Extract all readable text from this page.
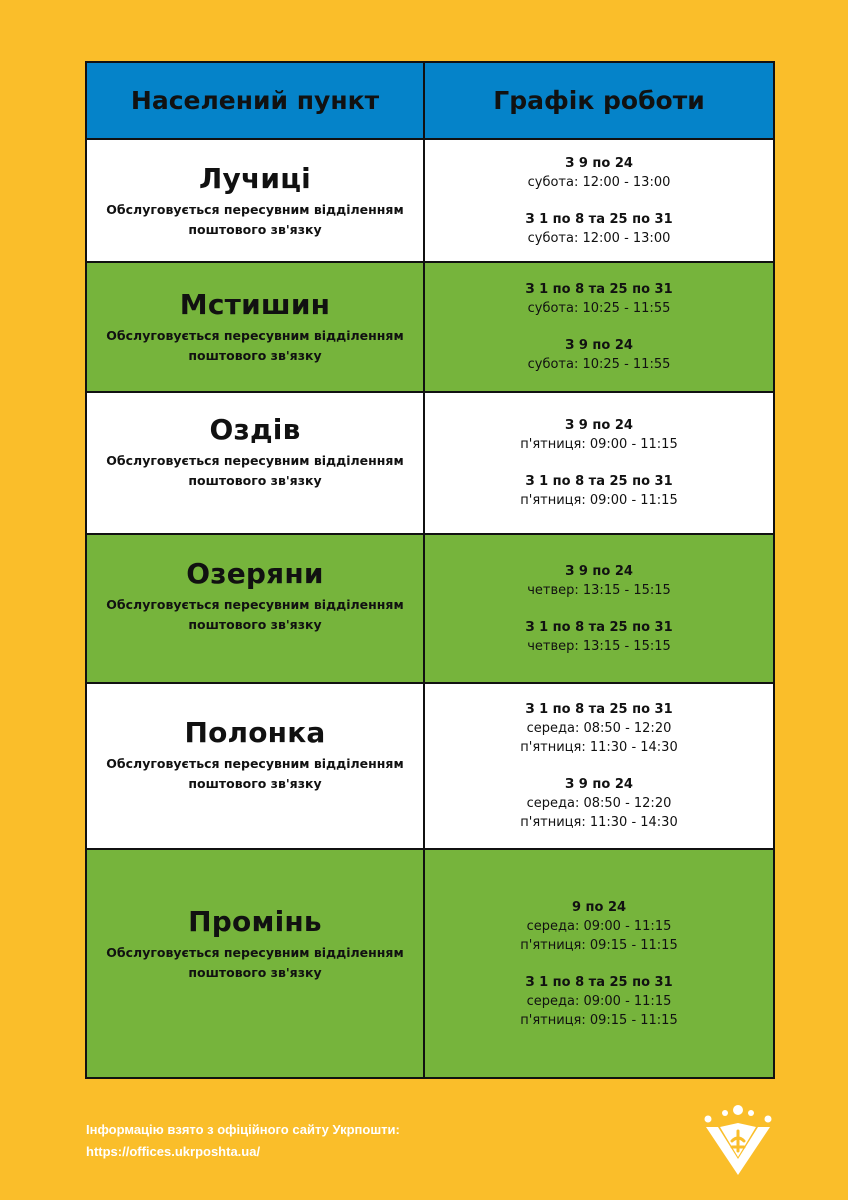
Населений пункт	Графік роботи
Лучиці
Обслуговується пересувним відділенням поштового зв'язку
З 9 по 24
субота: 12:00 - 13:00
З 1 по 8 та 25 по 31
субота: 12:00 - 13:00
Мстишин
Обслуговується пересувним відділенням поштового зв'язку
З 1 по 8 та 25 по 31
субота: 10:25 - 11:55
З 9 по 24
субота: 10:25 - 11:55
Оздів
Обслуговується пересувним відділенням поштового зв'язку
З 9 по 24
п'ятниця: 09:00 - 11:15
З 1 по 8 та 25 по 31
п'ятниця: 09:00 - 11:15
Озеряни
Обслуговується пересувним відділенням поштового зв'язку
З 9 по 24
четвер: 13:15 - 15:15
З 1 по 8 та 25 по 31
четвер: 13:15 - 15:15
Полонка
Обслуговується пересувним відділенням поштового зв'язку
З 1 по 8 та 25 по 31
середа: 08:50 - 12:20
п'ятниця: 11:30 - 14:30
З 9 по 24
середа: 08:50 - 12:20
п'ятниця: 11:30 - 14:30
Промінь
Обслуговується пересувним відділенням поштового зв'язку
9 по 24
середа: 09:00 - 11:15
п'ятниця: 09:15 - 11:15
З 1 по 8 та 25 по 31
середа: 09:00 - 11:15
п'ятниця: 09:15 - 11:15
Інформацію взято з офіційного сайту Укрпошти:
https://offices.ukrposhta.ua/
